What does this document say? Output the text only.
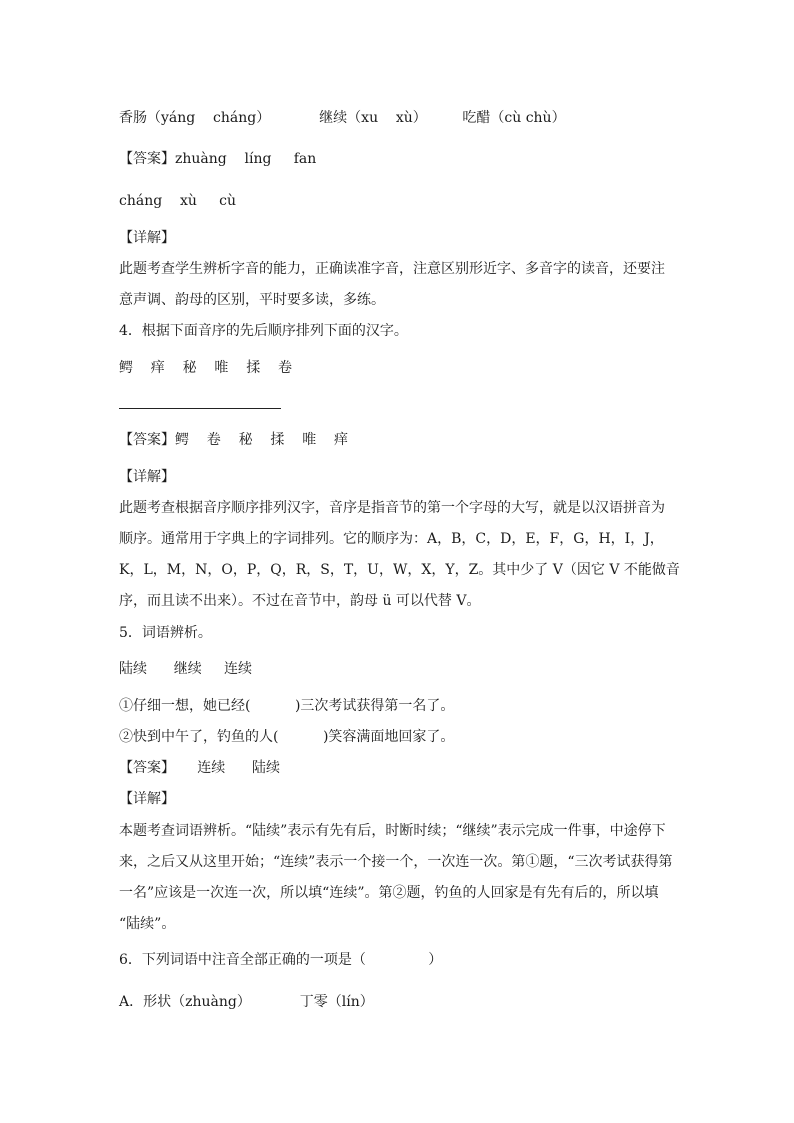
香肠（yáng    cháng）           继续（xu    xù）        吃醋（cù chù）
【答案】zhuàng    líng     fan
cháng    xù     cù
【详解】
此题考查学生辨析字音的能力，正确读准字音，注意区别形近字、多音字的读音，还要注
意声调、韵母的区别，平时要多读，多练。
4．根据下面音序的先后顺序排列下面的汉字。
鳄    痒    秘    唯    揉    卷
【答案】鳄    卷    秘    揉    唯    痒
【详解】
此题考查根据音序顺序排列汉字，音序是指音节的第一个字母的大写，就是以汉语拼音为
顺序。通常用于字典上的字词排列。它的顺序为：A，B，C，D，E，F，G，H，I，J，
K，L，M，N，O，P，Q，R，S，T，U，W，X，Y，Z。其中少了 V（因它 V 不能做音
序，而且读不出来）。不过在音节中，韵母 ü 可以代替 V。
5．词语辨析。
陆续      继续     连续
①仔细一想，她已经(          )三次考试获得第一名了。
②快到中午了，钓鱼的人(          )笑容满面地回家了。
【答案】     连续      陆续
【详解】
本题考查词语辨析。“陆续”表示有先有后，时断时续；“继续”表示完成一件事，中途停下
来，之后又从这里开始；“连续”表示一个接一个，一次连一次。第①题，“三次考试获得第
一名”应该是一次连一次，所以填“连续”。第②题，钓鱼的人回家是有先有后的，所以填
“陆续”。
6．下列词语中注音全部正确的一项是（              ）
A．形状（zhuàng）           丁零（lín）
